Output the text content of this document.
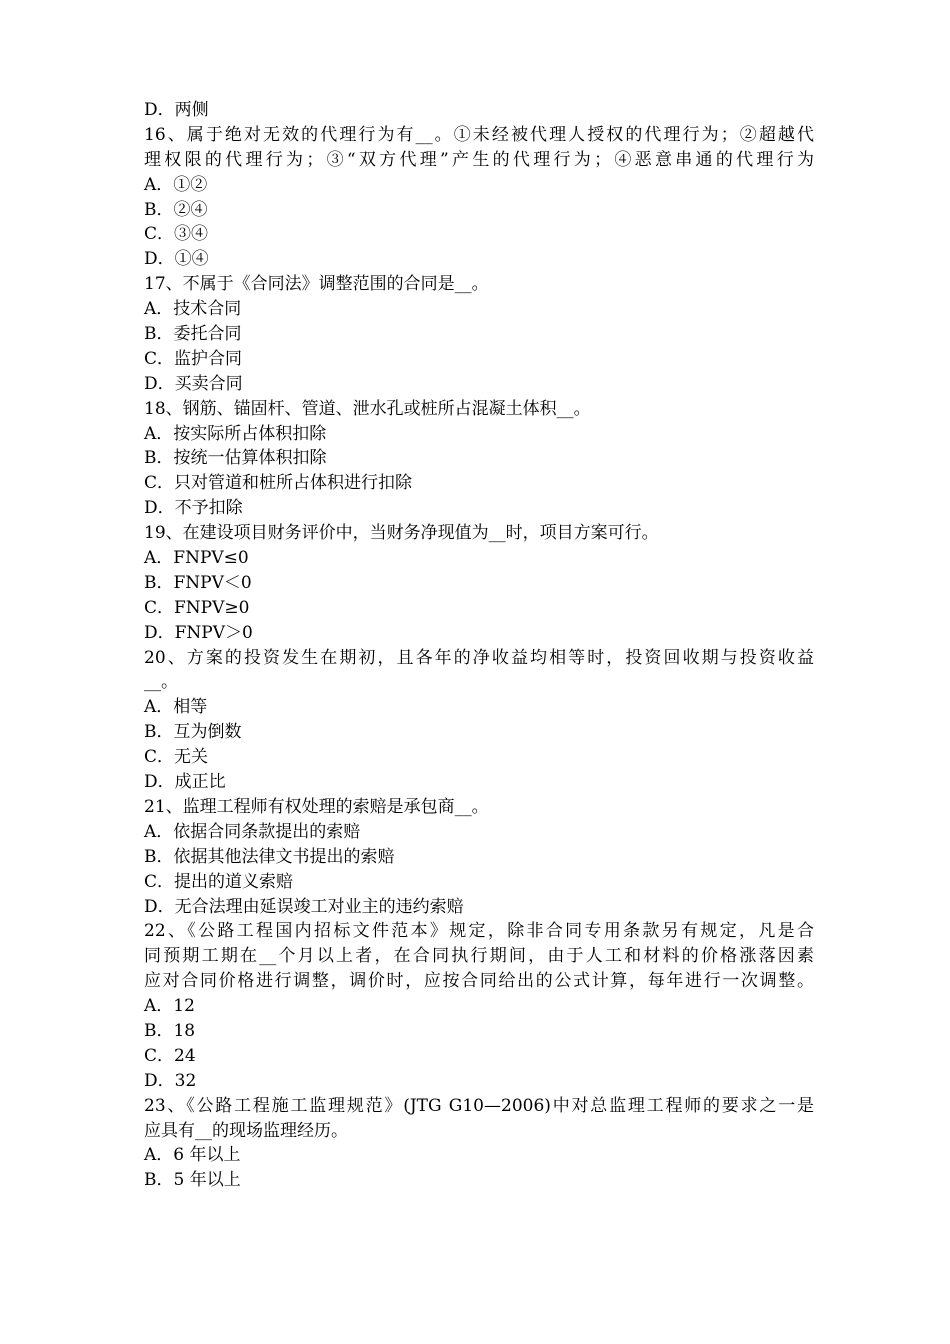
D．两侧
16、属于绝对无效的代理行为有__。①未经被代理人授权的代理行为；②超越代
理权限的代理行为；③“双方代理”产生的代理行为；④恶意串通的代理行为
A．①②
B．②④
C．③④
D．①④
17、不属于《合同法》调整范围的合同是__。
A．技术合同
B．委托合同
C．监护合同
D．买卖合同
18、钢筋、锚固杆、管道、泄水孔或桩所占混凝土体积__。
A．按实际所占体积扣除
B．按统一估算体积扣除
C．只对管道和桩所占体积进行扣除
D．不予扣除
19、在建设项目财务评价中，当财务净现值为__时，项目方案可行。
A．FNPV≤0
B．FNPV＜0
C．FNPV≥0
D．FNPV＞0
20、方案的投资发生在期初，且各年的净收益均相等时，投资回收期与投资收益
__。
A．相等
B．互为倒数
C．无关
D．成正比
21、监理工程师有权处理的索赔是承包商__。
A．依据合同条款提出的索赔
B．依据其他法律文书提出的索赔
C．提出的道义索赔
D．无合法理由延误竣工对业主的违约索赔
22、《公路工程国内招标文件范本》规定，除非合同专用条款另有规定，凡是合
同预期工期在__个月以上者，在合同执行期间，由于人工和材料的价格涨落因素
应对合同价格进行调整，调价时，应按合同给出的公式计算，每年进行一次调整。
A．12
B．18
C．24
D．32
23、《公路工程施工监理规范》(JTG G10—2006)中对总监理工程师的要求之一是
应具有__的现场监理经历。
A．6 年以上
B．5 年以上
